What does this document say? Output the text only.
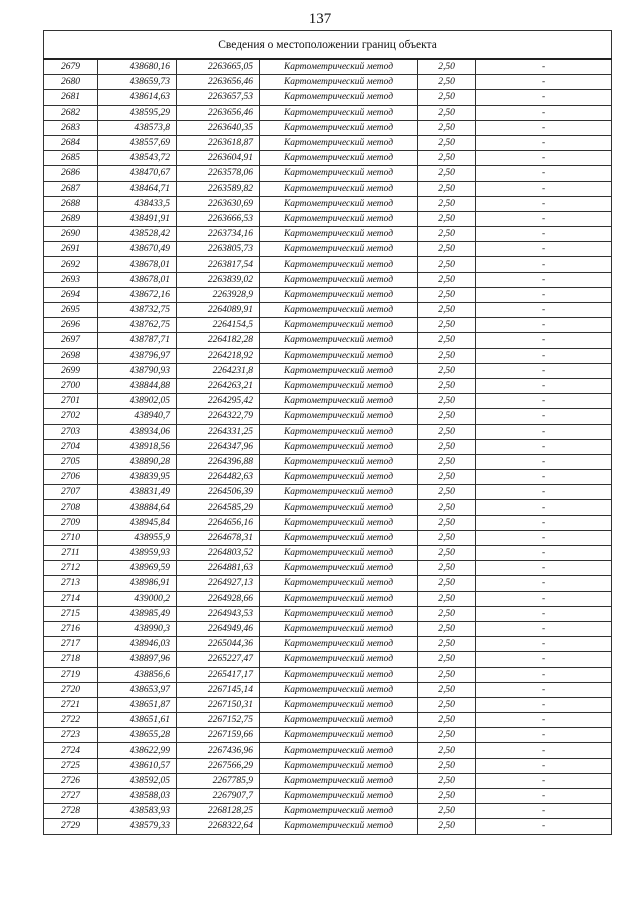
137
Сведения о местоположении границ объекта					
2679	438680,16	2263665,05	Картометрический метод	2,50	-
2680	438659,73	2263656,46	Картометрический метод	2,50	-
2681	438614,63	2263657,53	Картометрический метод	2,50	-
2682	438595,29	2263656,46	Картометрический метод	2,50	-
2683	438573,8	2263640,35	Картометрический метод	2,50	-
2684	438557,69	2263618,87	Картометрический метод	2,50	-
2685	438543,72	2263604,91	Картометрический метод	2,50	-
2686	438470,67	2263578,06	Картометрический метод	2,50	-
2687	438464,71	2263589,82	Картометрический метод	2,50	-
2688	438433,5	2263630,69	Картометрический метод	2,50	-
2689	438491,91	2263666,53	Картометрический метод	2,50	-
2690	438528,42	2263734,16	Картометрический метод	2,50	-
2691	438670,49	2263805,73	Картометрический метод	2,50	-
2692	438678,01	2263817,54	Картометрический метод	2,50	-
2693	438678,01	2263839,02	Картометрический метод	2,50	-
2694	438672,16	2263928,9	Картометрический метод	2,50	-
2695	438732,75	2264089,91	Картометрический метод	2,50	-
2696	438762,75	2264154,5	Картометрический метод	2,50	-
2697	438787,71	2264182,28	Картометрический метод	2,50	-
2698	438796,97	2264218,92	Картометрический метод	2,50	-
2699	438790,93	2264231,8	Картометрический метод	2,50	-
2700	438844,88	2264263,21	Картометрический метод	2,50	-
2701	438902,05	2264295,42	Картометрический метод	2,50	-
2702	438940,7	2264322,79	Картометрический метод	2,50	-
2703	438934,06	2264331,25	Картометрический метод	2,50	-
2704	438918,56	2264347,96	Картометрический метод	2,50	-
2705	438890,28	2264396,88	Картометрический метод	2,50	-
2706	438839,95	2264482,63	Картометрический метод	2,50	-
2707	438831,49	2264506,39	Картометрический метод	2,50	-
2708	438884,64	2264585,29	Картометрический метод	2,50	-
2709	438945,84	2264656,16	Картометрический метод	2,50	-
2710	438955,9	2264678,31	Картометрический метод	2,50	-
2711	438959,93	2264803,52	Картометрический метод	2,50	-
2712	438969,59	2264881,63	Картометрический метод	2,50	-
2713	438986,91	2264927,13	Картометрический метод	2,50	-
2714	439000,2	2264928,66	Картометрический метод	2,50	-
2715	438985,49	2264943,53	Картометрический метод	2,50	-
2716	438990,3	2264949,46	Картометрический метод	2,50	-
2717	438946,03	2265044,36	Картометрический метод	2,50	-
2718	438897,96	2265227,47	Картометрический метод	2,50	-
2719	438856,6	2265417,17	Картометрический метод	2,50	-
2720	438653,97	2267145,14	Картометрический метод	2,50	-
2721	438651,87	2267150,31	Картометрический метод	2,50	-
2722	438651,61	2267152,75	Картометрический метод	2,50	-
2723	438655,28	2267159,66	Картометрический метод	2,50	-
2724	438622,99	2267436,96	Картометрический метод	2,50	-
2725	438610,57	2267566,29	Картометрический метод	2,50	-
2726	438592,05	2267785,9	Картометрический метод	2,50	-
2727	438588,03	2267907,7	Картометрический метод	2,50	-
2728	438583,93	2268128,25	Картометрический метод	2,50	-
2729	438579,33	2268322,64	Картометрический метод	2,50	-
